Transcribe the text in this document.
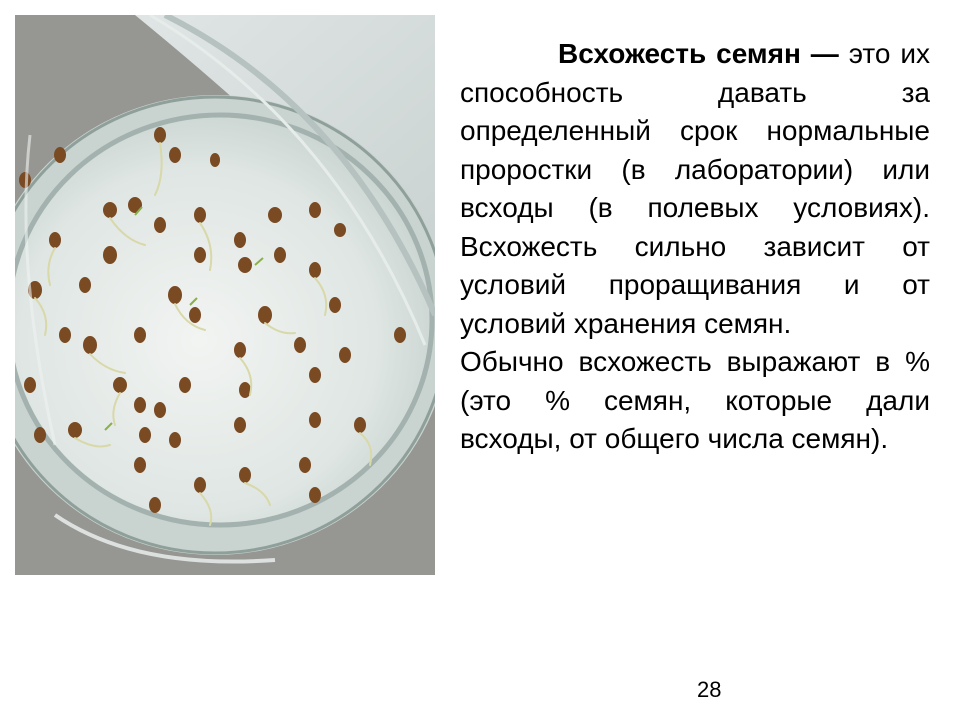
Всхожесть семян — это их способность давать за определенный срок нормальные проростки (в лаборатории) или всходы (в полевых условиях). Всхожесть сильно зависит от условий проращивания и от условий хранения семян.

Обычно всхожесть выражают в % (это % семян, которые дали всходы, от общего числа семян).

28
